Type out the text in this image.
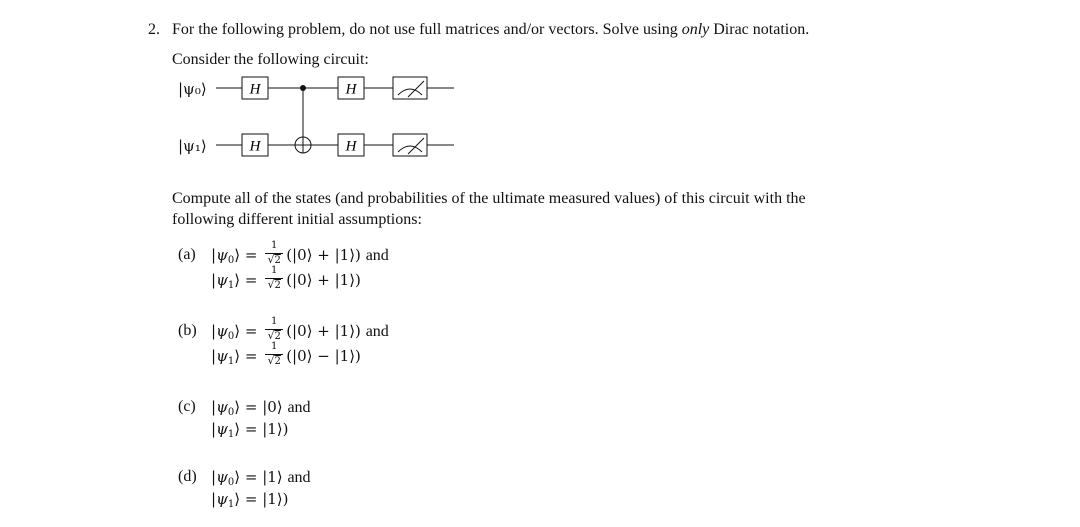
2. For the following problem, do not use full matrices and/or vectors. Solve using only Dirac notation.
Consider the following circuit:
|ψ₀⟩
|ψ₁⟩
H
H
H
H
Compute all of the states (and probabilities of the ultimate measured values) of this circuit with the
following different initial assumptions:
(a) $|\psi_0⟩ = \frac{1}{√2}$ (|0⟩ + |1⟩) and
$|\psi_1⟩ = \frac{1}{√2}$ (|0⟩ + |1⟩)
(b) $|\psi_0⟩ = \frac{1}{√2}$ (|0⟩ + |1⟩) and
$|\psi_1⟩ = \frac{1}{√2}$ (|0⟩ − |1⟩)
(c) $|\psi_0⟩$ = |0⟩ and
$|\psi_1⟩$ = |1⟩)
(d) $|\psi_0⟩$ = |1⟩ and
$|\psi_1⟩$ = |1⟩)
